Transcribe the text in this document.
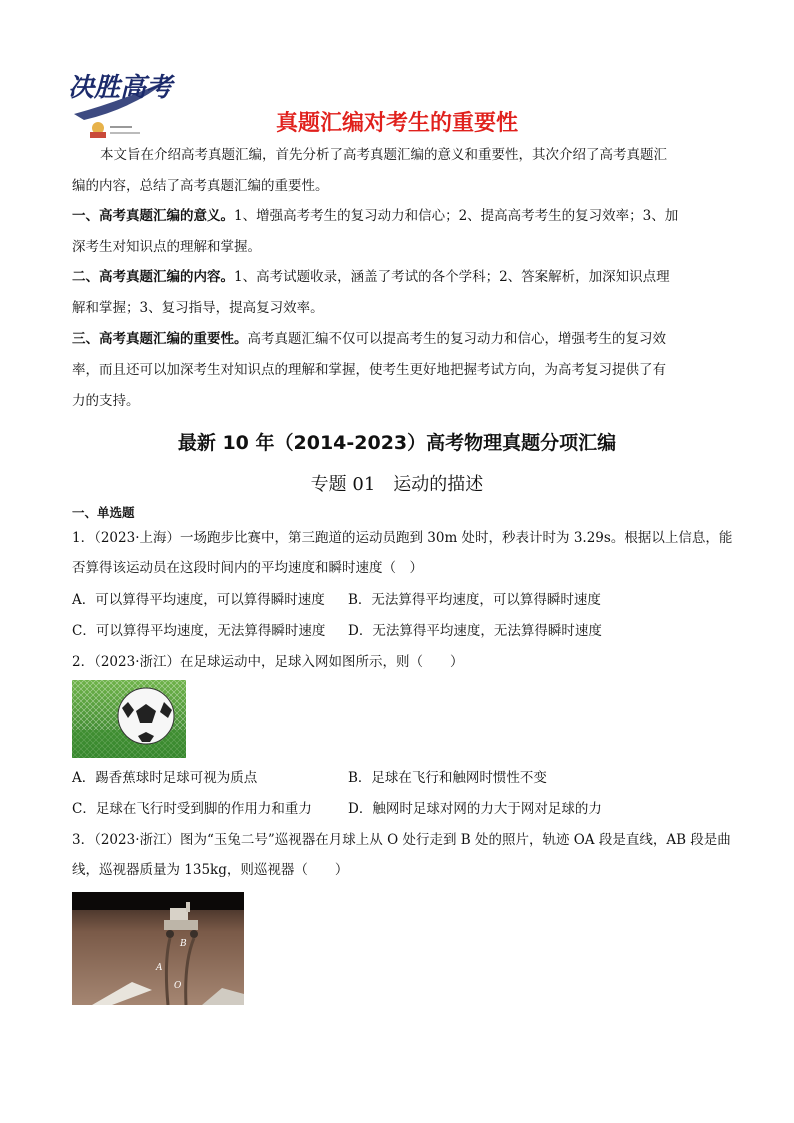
决胜高考
真题汇编对考生的重要性
本文旨在介绍高考真题汇编，首先分析了高考真题汇编的意义和重要性，其次介绍了高考真题汇
编的内容，总结了高考真题汇编的重要性。
一、高考真题汇编的意义。1、增强高考考生的复习动力和信心；2、提高高考考生的复习效率；3、加
深考生对知识点的理解和掌握。
二、高考真题汇编的内容。1、高考试题收录，涵盖了考试的各个学科；2、答案解析，加深知识点理
解和掌握；3、复习指导，提高复习效率。
三、高考真题汇编的重要性。高考真题汇编不仅可以提高考生的复习动力和信心，增强考生的复习效
率，而且还可以加深考生对知识点的理解和掌握，使考生更好地把握考试方向，为高考复习提供了有
力的支持。
最新 10 年（2014-2023）高考物理真题分项汇编
专题 01　运动的描述
一、单选题
1．（2023·上海）一场跑步比赛中，第三跑道的运动员跑到 30m 处时，秒表计时为 3.29s。根据以上信息，能
否算得该运动员在这段时间内的平均速度和瞬时速度（　）
A．可以算得平均速度，可以算得瞬时速度 B．无法算得平均速度，可以算得瞬时速度
C．可以算得平均速度，无法算得瞬时速度 D．无法算得平均速度，无法算得瞬时速度
2．（2023·浙江）在足球运动中，足球入网如图所示，则（　　）
A．踢香蕉球时足球可视为质点	B．足球在飞行和触网时惯性不变
C．足球在飞行时受到脚的作用力和重力	D．触网时足球对网的力大于网对足球的力
3．（2023·浙江）图为“玉兔二号”巡视器在月球上从 O 处行走到 B 处的照片，轨迹 OA 段是直线，AB 段是曲
线，巡视器质量为 135kg，则巡视器（　　）
B
A
O
